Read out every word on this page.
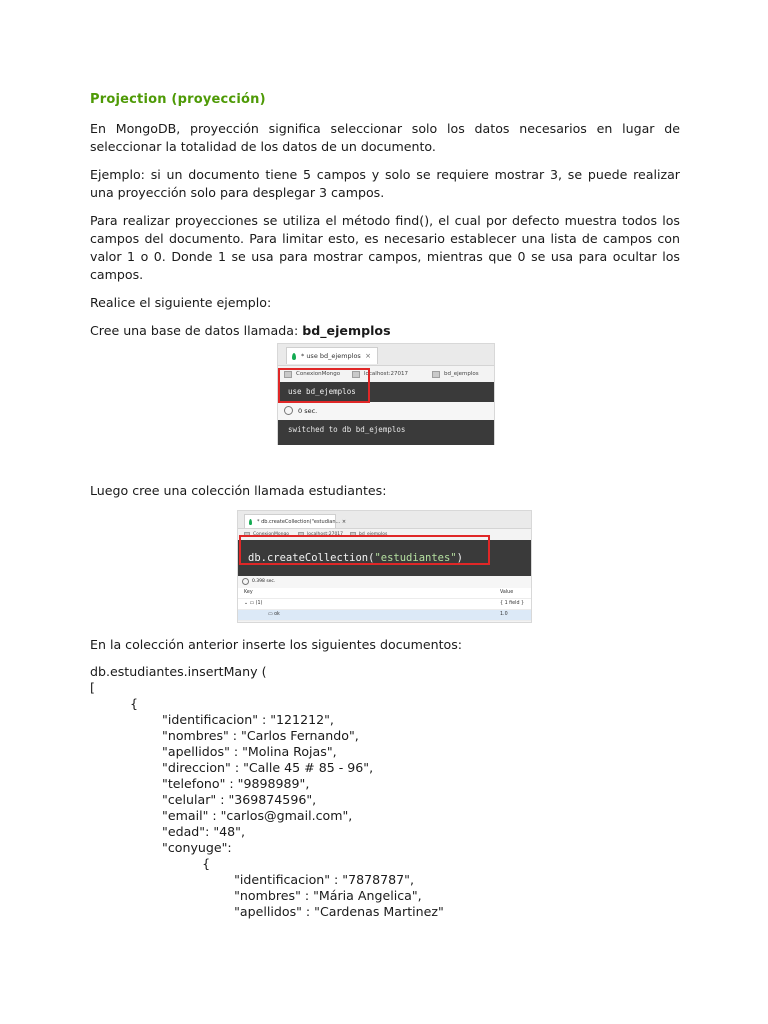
Projection (proyección)

En MongoDB, proyección significa seleccionar solo los datos necesarios en lugar de seleccionar la totalidad de los datos de un documento.

Ejemplo: si un documento tiene 5 campos y solo se requiere mostrar 3, se puede realizar una proyección solo para desplegar 3 campos.

Para realizar proyecciones se utiliza el método find(), el cual por defecto muestra todos los campos del documento. Para limitar esto, es necesario establecer una lista de campos con valor 1 o 0. Donde 1 se usa para mostrar campos, mientras que 0 se usa para ocultar los campos.

Realice el siguiente ejemplo:

Cree una base de datos llamada: bd_ejemplos

* use bd_ejemplos ×
ConexionMongo	localhost:27017	bd_ejemplos
use bd_ejemplos
0 sec.
switched to db bd_ejemplos

Luego cree una colección llamada estudiantes:

* db.createCollection("estudian... ×
ConexionMongo	localhost:27017	bd_ejemplos
db.createCollection("estudiantes")
0.398 sec.
Key	Value
⌄ ▭ (1)	{ 1 field }
▭ ok	1.0

En la colección anterior inserte los siguientes documentos:

db.estudiantes.insertMany (
[
{
"identificacion" : "121212",
"nombres" : "Carlos Fernando",
"apellidos" : "Molina Rojas",
"direccion" : "Calle 45 # 85 - 96",
"telefono" : "9898989",
"celular" : "369874596",
"email" : "carlos@gmail.com",
"edad": "48",
"conyuge":
{
"identificacion" : "7878787",
"nombres" : "Mária Angelica",
"apellidos" : "Cardenas Martinez"
